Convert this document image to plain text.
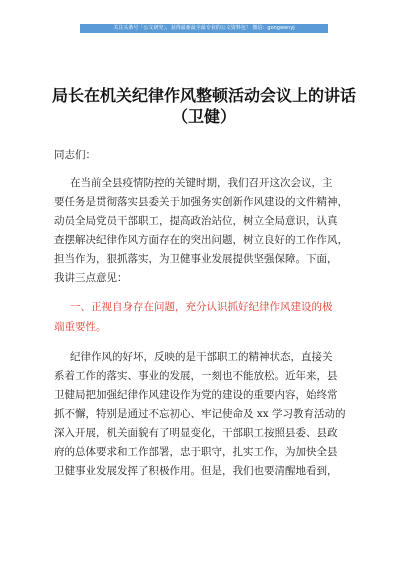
关注头条号「公文研究」，获得最新最全最专业的公文资料包！ 微信：gongwenyj
局长在机关纪律作风整顿活动会议上的讲话
（卫健）
同志们：
在当前全县疫情防控的关键时期，我们召开这次会议，主
要任务是贯彻落实县委关于加强务实创新作风建设的文件精神，
动员全局党员干部职工，提高政治站位，树立全局意识，认真
查摆解决纪律作风方面存在的突出问题，树立良好的工作作风，
担当作为，狠抓落实，为卫健事业发展提供坚强保障。下面，
我讲三点意见：
一、正视自身存在问题，充分认识抓好纪律作风建设的极
端重要性。
纪律作风的好坏，反映的是干部职工的精神状态，直接关
系着工作的落实、事业的发展，一刻也不能放松。近年来，县
卫健局把加强纪律作风建设作为党的建设的重要内容，始终常
抓不懈，特别是通过不忘初心、牢记使命及 xx 学习教育活动的
深入开展，机关面貌有了明显变化，干部职工按照县委、县政
府的总体要求和工作部署，忠于职守，扎实工作，为加快全县
卫健事业发展发挥了积极作用。但是，我们也要清醒地看到，
